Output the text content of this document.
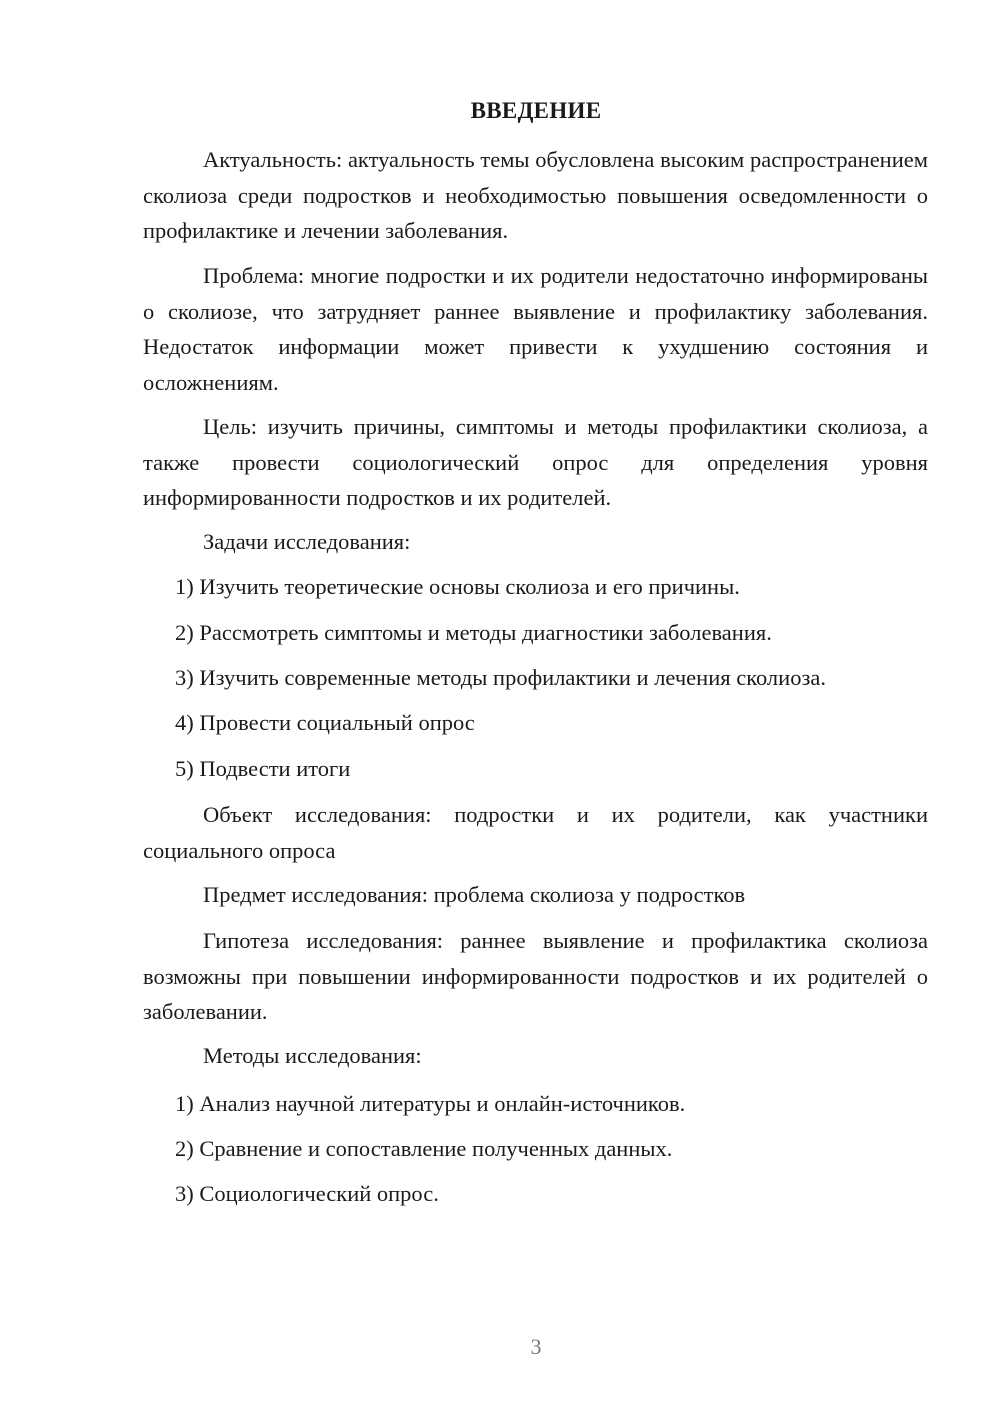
ВВЕДЕНИЕ

Актуальность: актуальность темы обусловлена высоким распространением сколиоза среди подростков и необходимостью повышения осведомленности о профилактике и лечении заболевания.

Проблема: многие подростки и их родители недостаточно информированы о сколиозе, что затрудняет раннее выявление и профилактику заболевания. Недостаток информации может привести к ухудшению состояния и осложнениям.

Цель: изучить причины, симптомы и методы профилактики сколиоза, а также провести социологический опрос для определения уровня информированности подростков и их родителей.

Задачи исследования:
1) Изучить теоретические основы сколиоза и его причины.
2) Рассмотреть симптомы и методы диагностики заболевания.
3) Изучить современные методы профилактики и лечения сколиоза.
4) Провести социальный опрос
5) Подвести итоги

Объект исследования: подростки и их родители, как участники социального опроса

Предмет исследования: проблема сколиоза у подростков

Гипотеза исследования: раннее выявление и профилактика сколиоза возможны при повышении информированности подростков и их родителей о заболевании.

Методы исследования:
1) Анализ научной литературы и онлайн-источников.
2) Сравнение и сопоставление полученных данных.
3) Социологический опрос.
3
